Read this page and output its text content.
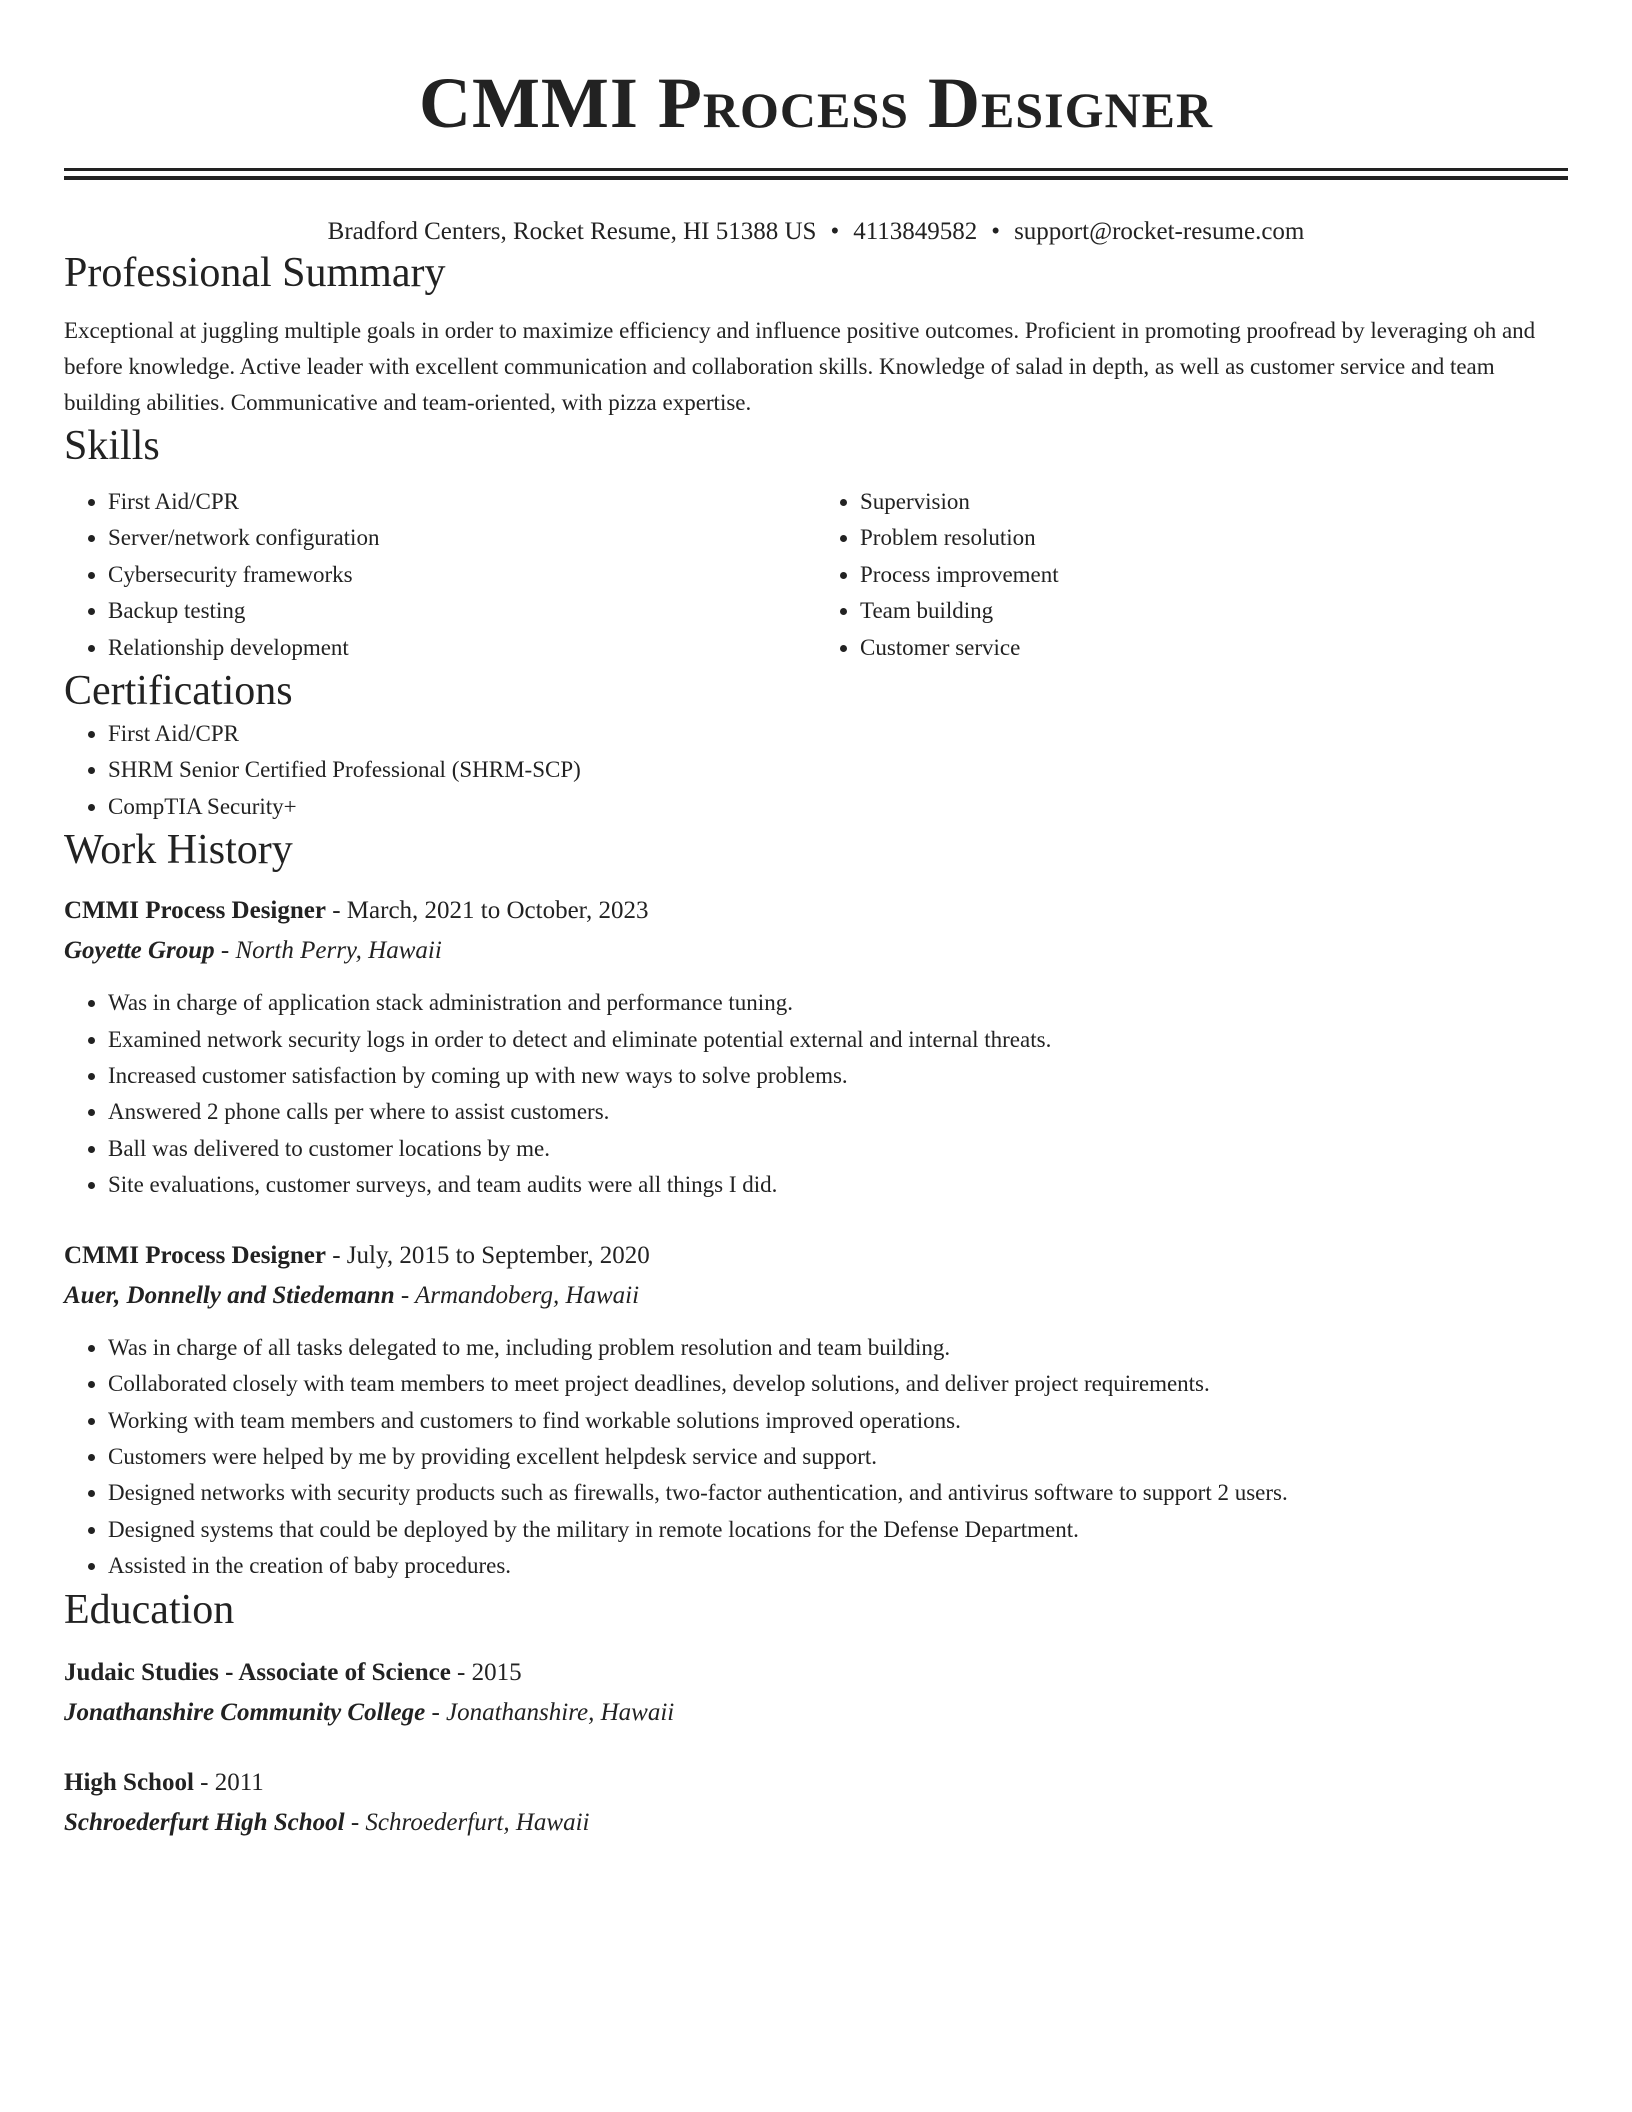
CMMI Process Designer
Bradford Centers, Rocket Resume, HI 51388 US • 4113849582 • support@rocket-resume.com
Professional Summary

Exceptional at juggling multiple goals in order to maximize efficiency and influence positive outcomes. Proficient in promoting proofread by leveraging oh and before knowledge. Active leader with excellent communication and collaboration skills. Knowledge of salad in depth, as well as customer service and team building abilities. Communicative and team-oriented, with pizza expertise.

Skills
• First Aid/CPR
• Server/network configuration
• Cybersecurity frameworks
• Backup testing
• Relationship development
• Supervision
• Problem resolution
• Process improvement
• Team building
• Customer service
Certifications
• First Aid/CPR
• SHRM Senior Certified Professional (SHRM-SCP)
• CompTIA Security+
Work History
CMMI Process Designer - March, 2021 to October, 2023
Goyette Group - North Perry, Hawaii
• Was in charge of application stack administration and performance tuning.
• Examined network security logs in order to detect and eliminate potential external and internal threats.
• Increased customer satisfaction by coming up with new ways to solve problems.
• Answered 2 phone calls per where to assist customers.
• Ball was delivered to customer locations by me.
• Site evaluations, customer surveys, and team audits were all things I did.
CMMI Process Designer - July, 2015 to September, 2020
Auer, Donnelly and Stiedemann - Armandoberg, Hawaii
• Was in charge of all tasks delegated to me, including problem resolution and team building.
• Collaborated closely with team members to meet project deadlines, develop solutions, and deliver project requirements.
• Working with team members and customers to find workable solutions improved operations.
• Customers were helped by me by providing excellent helpdesk service and support.
• Designed networks with security products such as firewalls, two-factor authentication, and antivirus software to support 2 users.
• Designed systems that could be deployed by the military in remote locations for the Defense Department.
• Assisted in the creation of baby procedures.
Education
Judaic Studies - Associate of Science - 2015
Jonathanshire Community College - Jonathanshire, Hawaii
High School - 2011
Schroederfurt High School - Schroederfurt, Hawaii
